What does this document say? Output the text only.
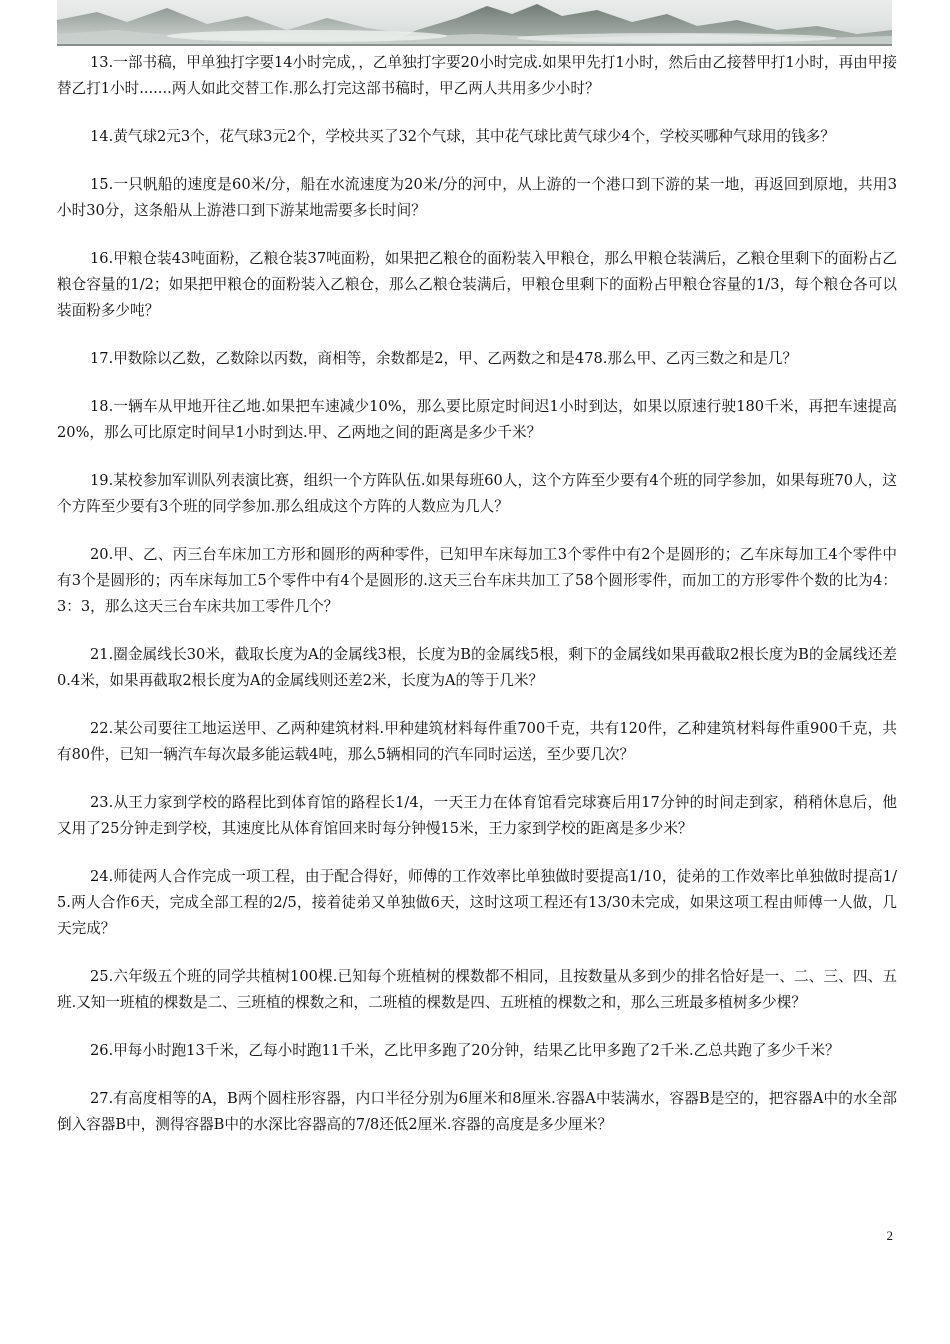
13.一部书稿，甲单独打字要14小时完成，，乙单独打字要20小时完成.如果甲先打1小时，然后由乙接替甲打1小时，再由甲接替乙打1小时.......两人如此交替工作.那么打完这部书稿时，甲乙两人共用多少小时？

14.黄气球2元3个，花气球3元2个，学校共买了32个气球，其中花气球比黄气球少4个，学校买哪种气球用的钱多？

15.一只帆船的速度是60米/分，船在水流速度为20米/分的河中，从上游的一个港口到下游的某一地，再返回到原地，共用3小时30分，这条船从上游港口到下游某地需要多长时间？

16.甲粮仓装43吨面粉，乙粮仓装37吨面粉，如果把乙粮仓的面粉装入甲粮仓，那么甲粮仓装满后，乙粮仓里剩下的面粉占乙粮仓容量的1/2；如果把甲粮仓的面粉装入乙粮仓，那么乙粮仓装满后，甲粮仓里剩下的面粉占甲粮仓容量的1/3，每个粮仓各可以装面粉多少吨？

17.甲数除以乙数，乙数除以丙数，商相等，余数都是2，甲、乙两数之和是478.那么甲、乙丙三数之和是几？

18.一辆车从甲地开往乙地.如果把车速减少10%，那么要比原定时间迟1小时到达，如果以原速行驶180千米，再把车速提高20%，那么可比原定时间早1小时到达.甲、乙两地之间的距离是多少千米？

19.某校参加军训队列表演比赛，组织一个方阵队伍.如果每班60人，这个方阵至少要有4个班的同学参加，如果每班70人，这个方阵至少要有3个班的同学参加.那么组成这个方阵的人数应为几人？

20.甲、乙、丙三台车床加工方形和圆形的两种零件，已知甲车床每加工3个零件中有2个是圆形的；乙车床每加工4个零件中有3个是圆形的；丙车床每加工5个零件中有4个是圆形的.这天三台车床共加工了58个圆形零件，而加工的方形零件个数的比为4：3：3，那么这天三台车床共加工零件几个？

21.圈金属线长30米，截取长度为A的金属线3根，长度为B的金属线5根，剩下的金属线如果再截取2根长度为B的金属线还差0.4米，如果再截取2根长度为A的金属线则还差2米，长度为A的等于几米？

22.某公司要往工地运送甲、乙两种建筑材料.甲种建筑材料每件重700千克，共有120件，乙种建筑材料每件重900千克，共有80件，已知一辆汽车每次最多能运载4吨，那么5辆相同的汽车同时运送，至少要几次？

23.从王力家到学校的路程比到体育馆的路程长1/4，一天王力在体育馆看完球赛后用17分钟的时间走到家，稍稍休息后，他又用了25分钟走到学校，其速度比从体育馆回来时每分钟慢15米，王力家到学校的距离是多少米？

24.师徒两人合作完成一项工程，由于配合得好，师傅的工作效率比单独做时要提高1/10，徒弟的工作效率比单独做时提高1/5.两人合作6天，完成全部工程的2/5，接着徒弟又单独做6天，这时这项工程还有13/30未完成，如果这项工程由师傅一人做，几天完成？

25.六年级五个班的同学共植树100棵.已知每个班植树的棵数都不相同，且按数量从多到少的排名恰好是一、二、三、四、五班.又知一班植的棵数是二、三班植的棵数之和，二班植的棵数是四、五班植的棵数之和，那么三班最多植树多少棵？

26.甲每小时跑13千米，乙每小时跑11千米，乙比甲多跑了20分钟，结果乙比甲多跑了2千米.乙总共跑了多少千米？

27.有高度相等的A，B两个圆柱形容器，内口半径分别为6厘米和8厘米.容器A中装满水，容器B是空的，把容器A中的水全部倒入容器B中，测得容器B中的水深比容器高的7/8还低2厘米.容器的高度是多少厘米？

2
